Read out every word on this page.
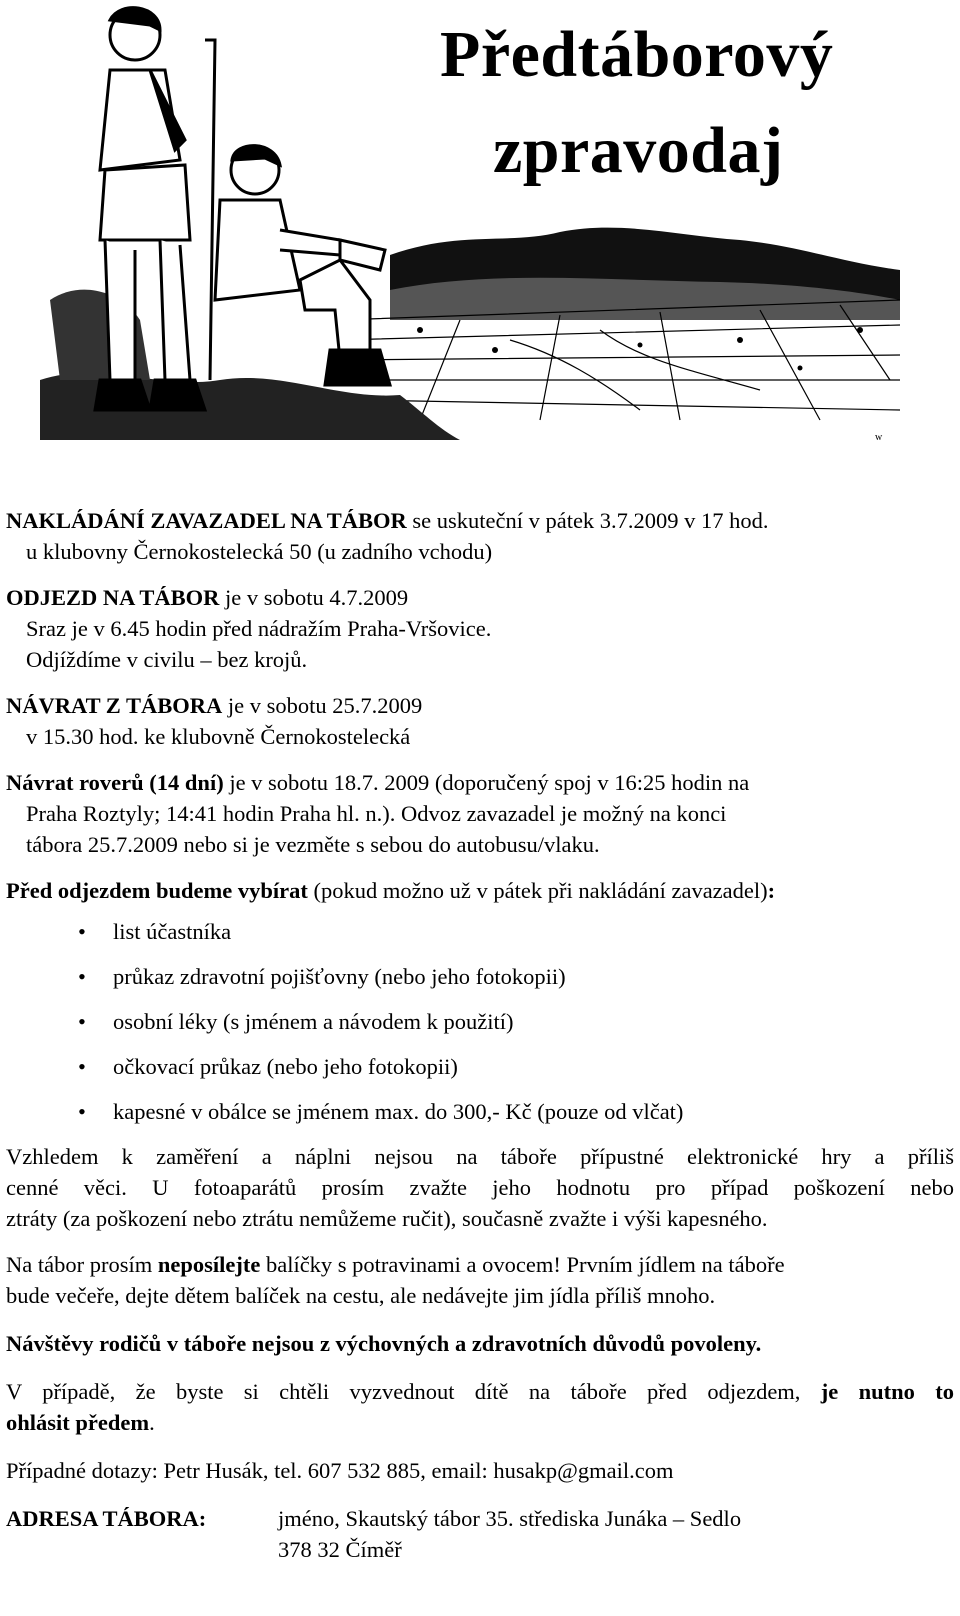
w
Předtáborový
zpravodaj
NAKLÁDÁNÍ ZAVAZADEL NA TÁBOR se uskuteční v pátek 3.7.2009 v 17 hod.
u klubovny Černokostelecká 50 (u zadního vchodu)
ODJEZD NA TÁBOR je v sobotu 4.7.2009
Sraz je v 6.45 hodin před nádražím Praha-Vršovice.
Odjíždíme v civilu – bez krojů.
NÁVRAT Z TÁBORA je v sobotu 25.7.2009
v 15.30 hod. ke klubovně Černokostelecká
Návrat roverů (14 dní) je v sobotu 18.7. 2009 (doporučený spoj v 16:25 hodin na
Praha Roztyly; 14:41 hodin Praha hl. n.). Odvoz zavazadel je možný na konci
tábora 25.7.2009 nebo si je vezměte s sebou do autobusu/vlaku.
Před odjezdem budeme vybírat (pokud možno už v pátek při nakládání zavazadel):
• list účastníka
• průkaz zdravotní pojišťovny (nebo jeho fotokopii)
• osobní léky (s jménem a návodem k použití)
• očkovací průkaz (nebo jeho fotokopii)
• kapesné v obálce se jménem max. do 300,- Kč (pouze od vlčat)
Vzhledem k zaměření a náplni nejsou na táboře přípustné elektronické hry a příliš
cenné věci. U fotoaparátů prosím zvažte jeho hodnotu pro případ poškození nebo
ztráty (za poškození nebo ztrátu nemůžeme ručit), současně zvažte i výši kapesného.
Na tábor prosím neposílejte balíčky s potravinami a ovocem! Prvním jídlem na táboře
bude večeře, dejte dětem balíček na cestu, ale nedávejte jim jídla příliš mnoho.
Návštěvy rodičů v táboře nejsou z výchovných a zdravotních důvodů povoleny.
V případě, že byste si chtěli vyzvednout dítě na táboře před odjezdem, je nutno to
ohlásit předem.
Případné dotazy: Petr Husák, tel. 607 532 885, email: husakp@gmail.com
ADRESA TÁBORA:	jméno, Skautský tábor 35. střediska Junáka – Sedlo
378 32 Číměř
